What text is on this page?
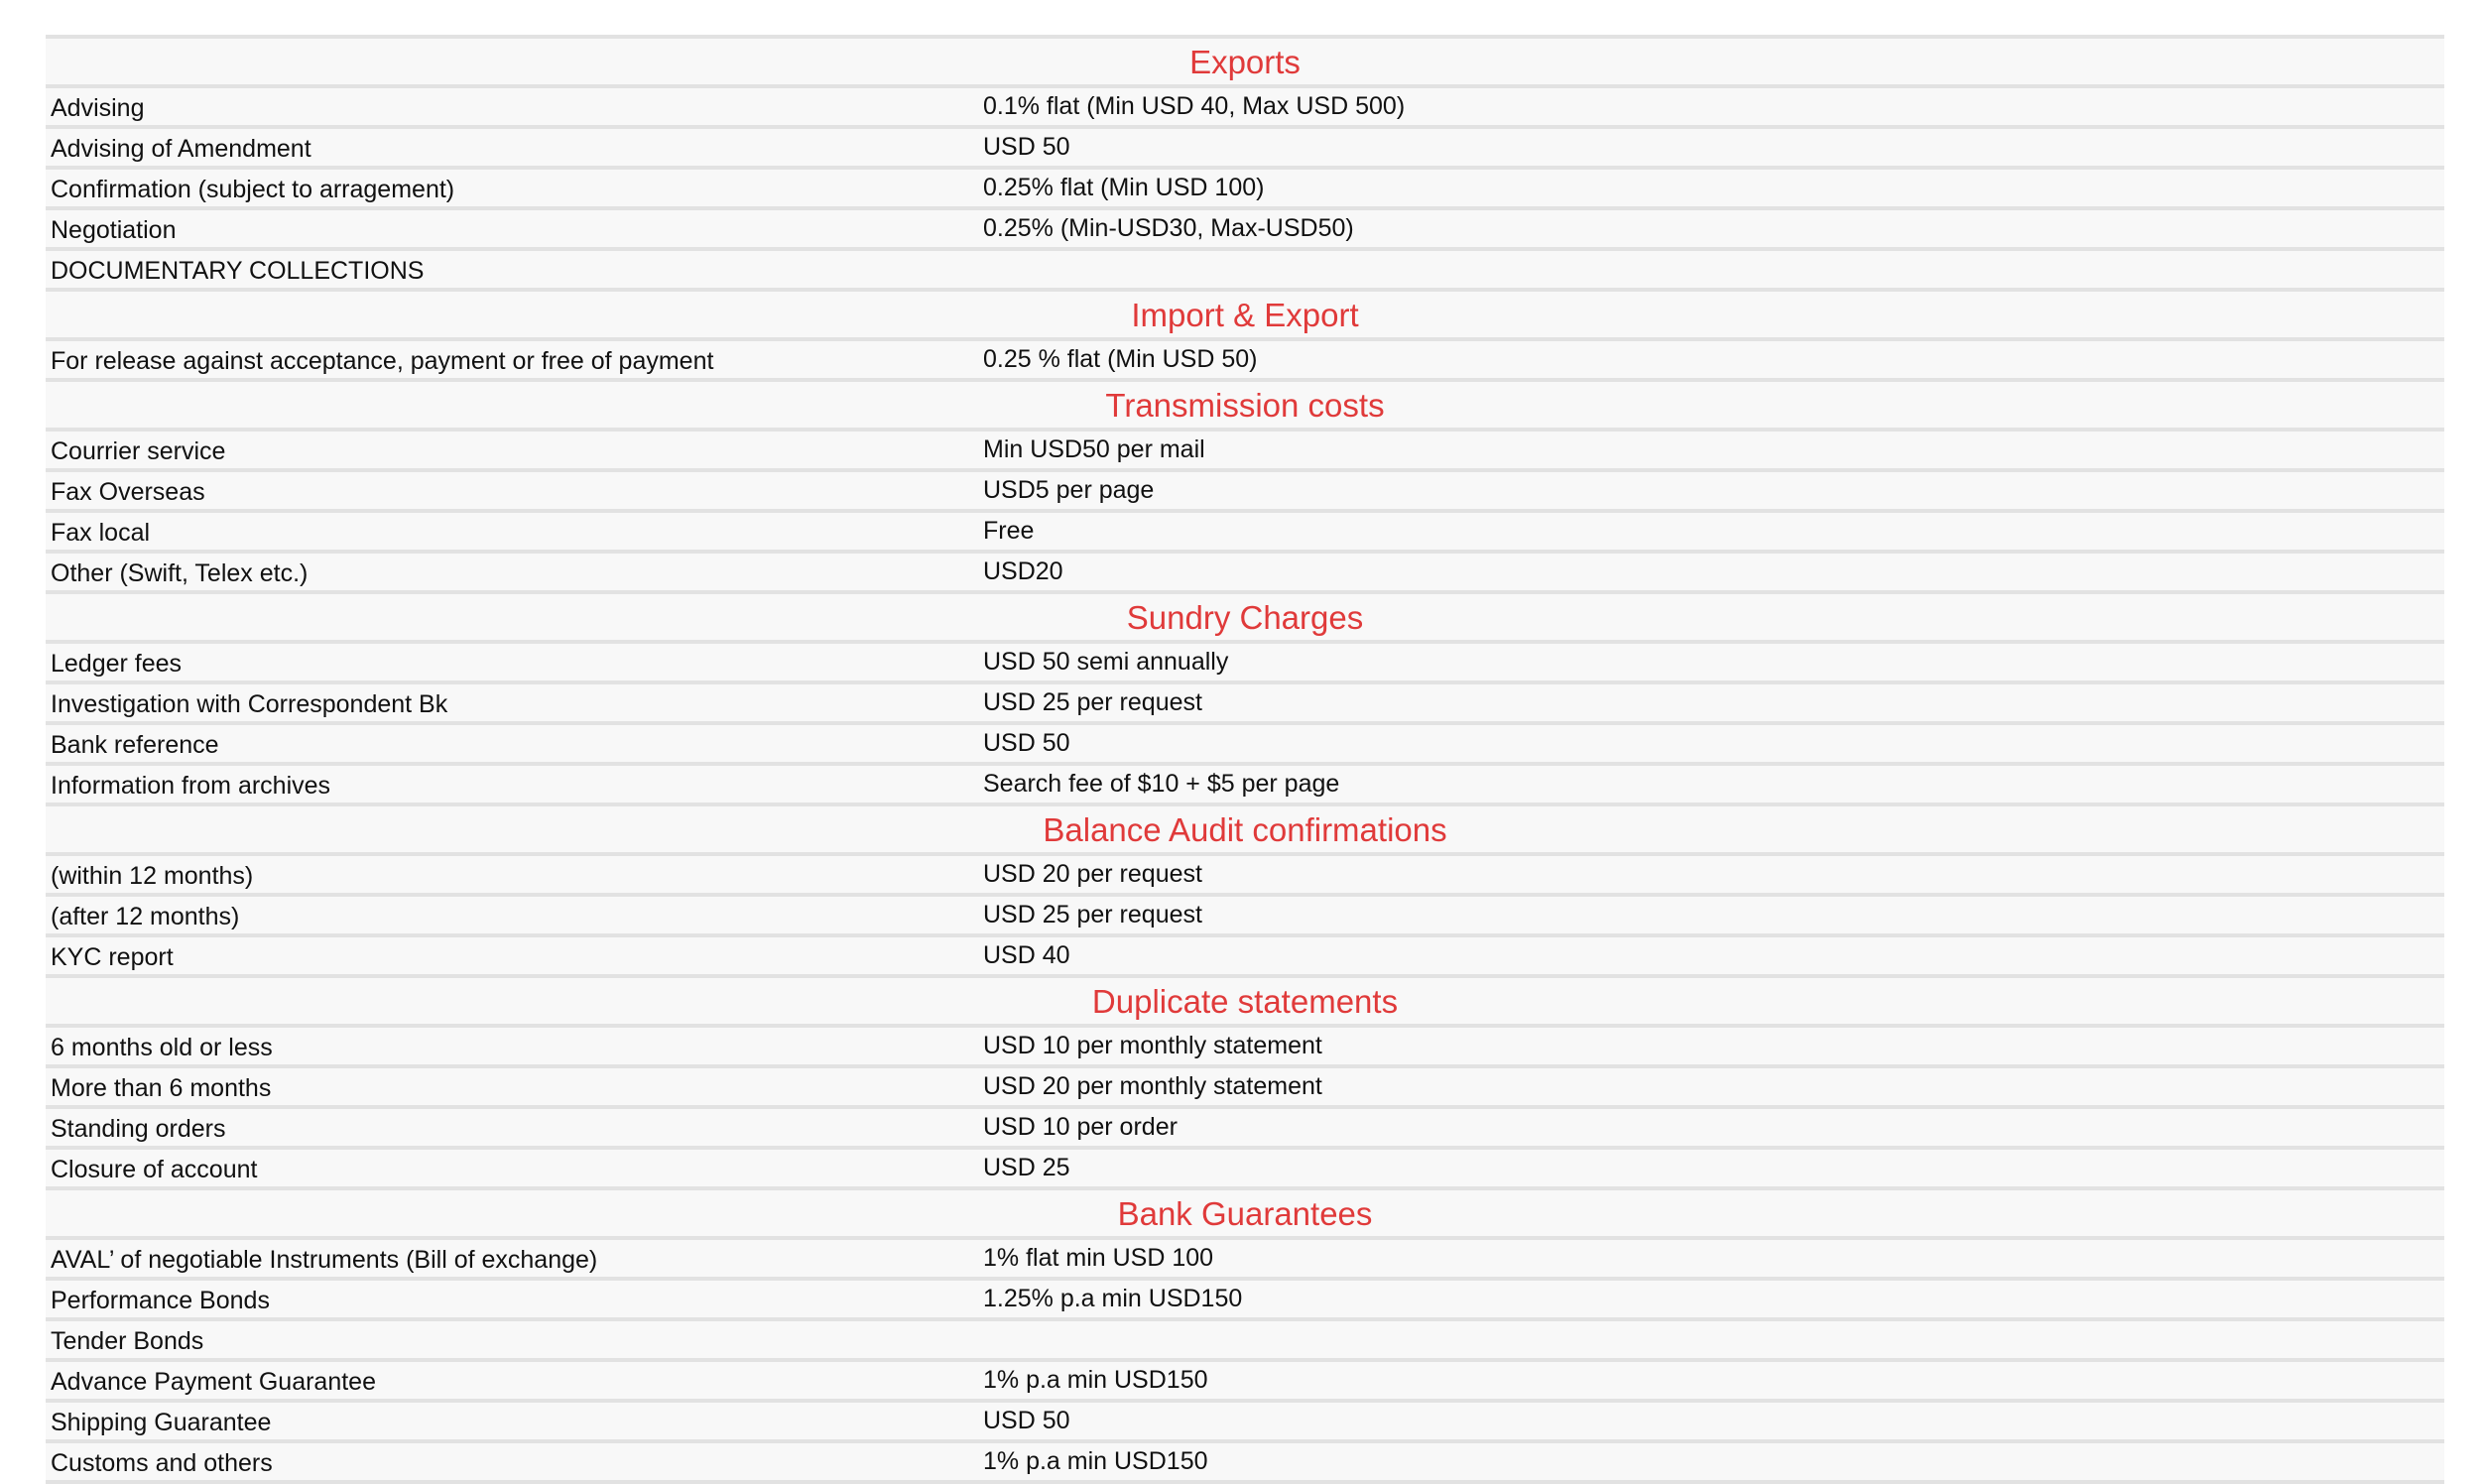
Exports
Advising	0.1% flat (Min USD 40, Max USD 500)
Advising of Amendment	USD 50
Confirmation (subject to arragement)	0.25% flat (Min USD 100)
Negotiation	0.25% (Min-USD30, Max-USD50)
DOCUMENTARY COLLECTIONS
Import & Export
For release against acceptance, payment or free of payment	0.25 % flat (Min USD 50)
Transmission costs
Courrier service	Min USD50 per mail
Fax Overseas	USD5 per page
Fax local	Free
Other (Swift, Telex etc.)	USD20
Sundry Charges
Ledger fees	USD 50 semi annually
Investigation with Correspondent Bk	USD 25 per request
Bank reference	USD 50
Information from archives	Search fee of $10 + $5 per page
Balance Audit confirmations
(within 12 months)	USD 20 per request
(after 12 months)	USD 25 per request
KYC report	USD 40
Duplicate statements
6 months old or less	USD 10 per monthly statement
More than 6 months	USD 20 per monthly statement
Standing orders	USD 10 per order
Closure of account	USD 25
Bank Guarantees
AVAL’ of negotiable Instruments (Bill of exchange)	1% flat min USD 100
Performance Bonds	1.25% p.a min USD150
Tender Bonds
Advance Payment Guarantee	1% p.a min USD150
Shipping Guarantee	USD 50
Customs and others	1% p.a min USD150
